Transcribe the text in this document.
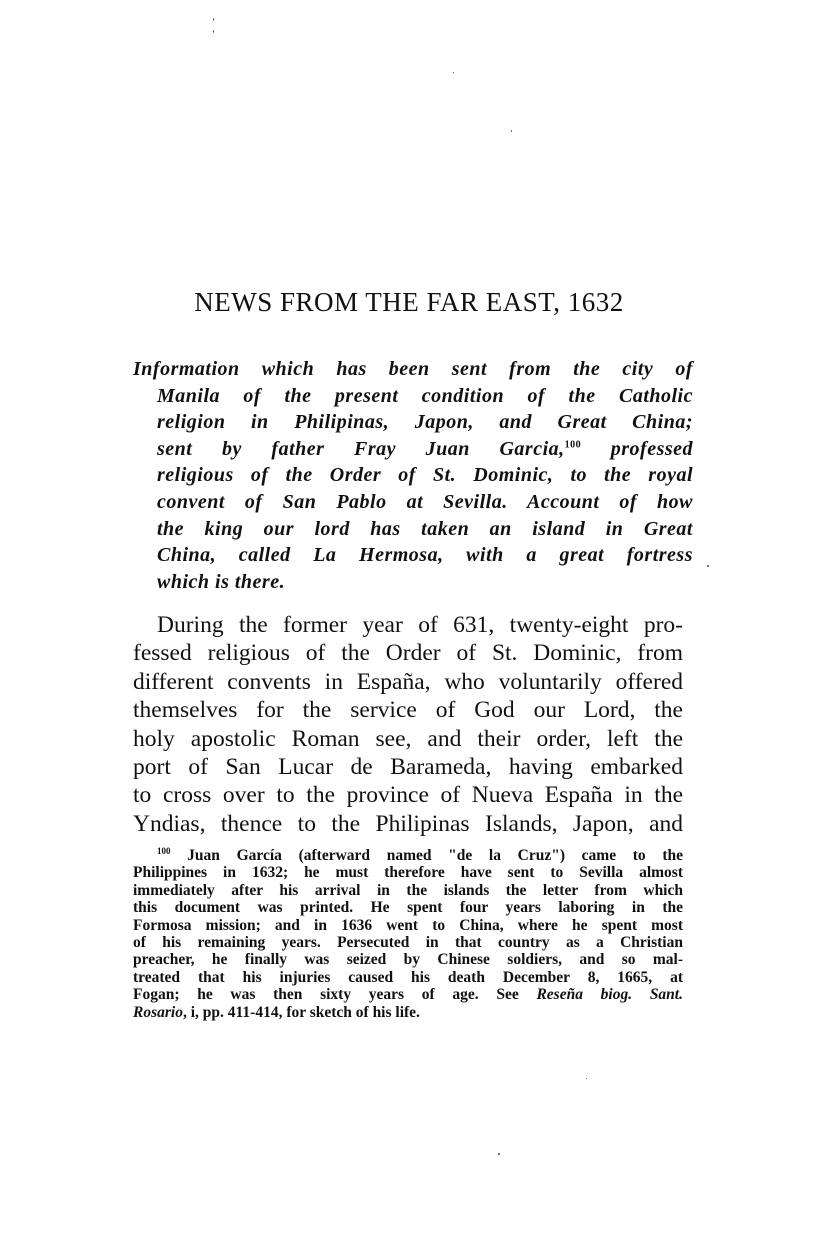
NEWS FROM THE FAR EAST, 1632
Information which has been sent from the city of
Manila of the present condition of the Catholic
religion in Philipinas, Japon, and Great China;
sent by father Fray Juan Garcia,$^{100}$ professed
religious of the Order of St. Dominic, to the royal
convent of San Pablo at Sevilla. Account of how
the king our lord has taken an island in Great
China, called La Hermosa, with a great fortress
which is there.
During the former year of 631, twenty-eight pro-
fessed religious of the Order of St. Dominic, from
different convents in España, who voluntarily offered
themselves for the service of God our Lord, the
holy apostolic Roman see, and their order, left the
port of San Lucar de Barameda, having embarked
to cross over to the province of Nueva España in the
Yndias, thence to the Philipinas Islands, Japon, and
$^{100}$ Juan García (afterward named "de la Cruz") came to the
Philippines in 1632; he must therefore have sent to Sevilla almost
immediately after his arrival in the islands the letter from which
this document was printed. He spent four years laboring in the
Formosa mission; and in 1636 went to China, where he spent most
of his remaining years. Persecuted in that country as a Christian
preacher, he finally was seized by Chinese soldiers, and so mal-
treated that his injuries caused his death December 8, 1665, at
Fogan; he was then sixty years of age. See Reseña biog. Sant.
Rosario, i, pp. 411-414, for sketch of his life.
